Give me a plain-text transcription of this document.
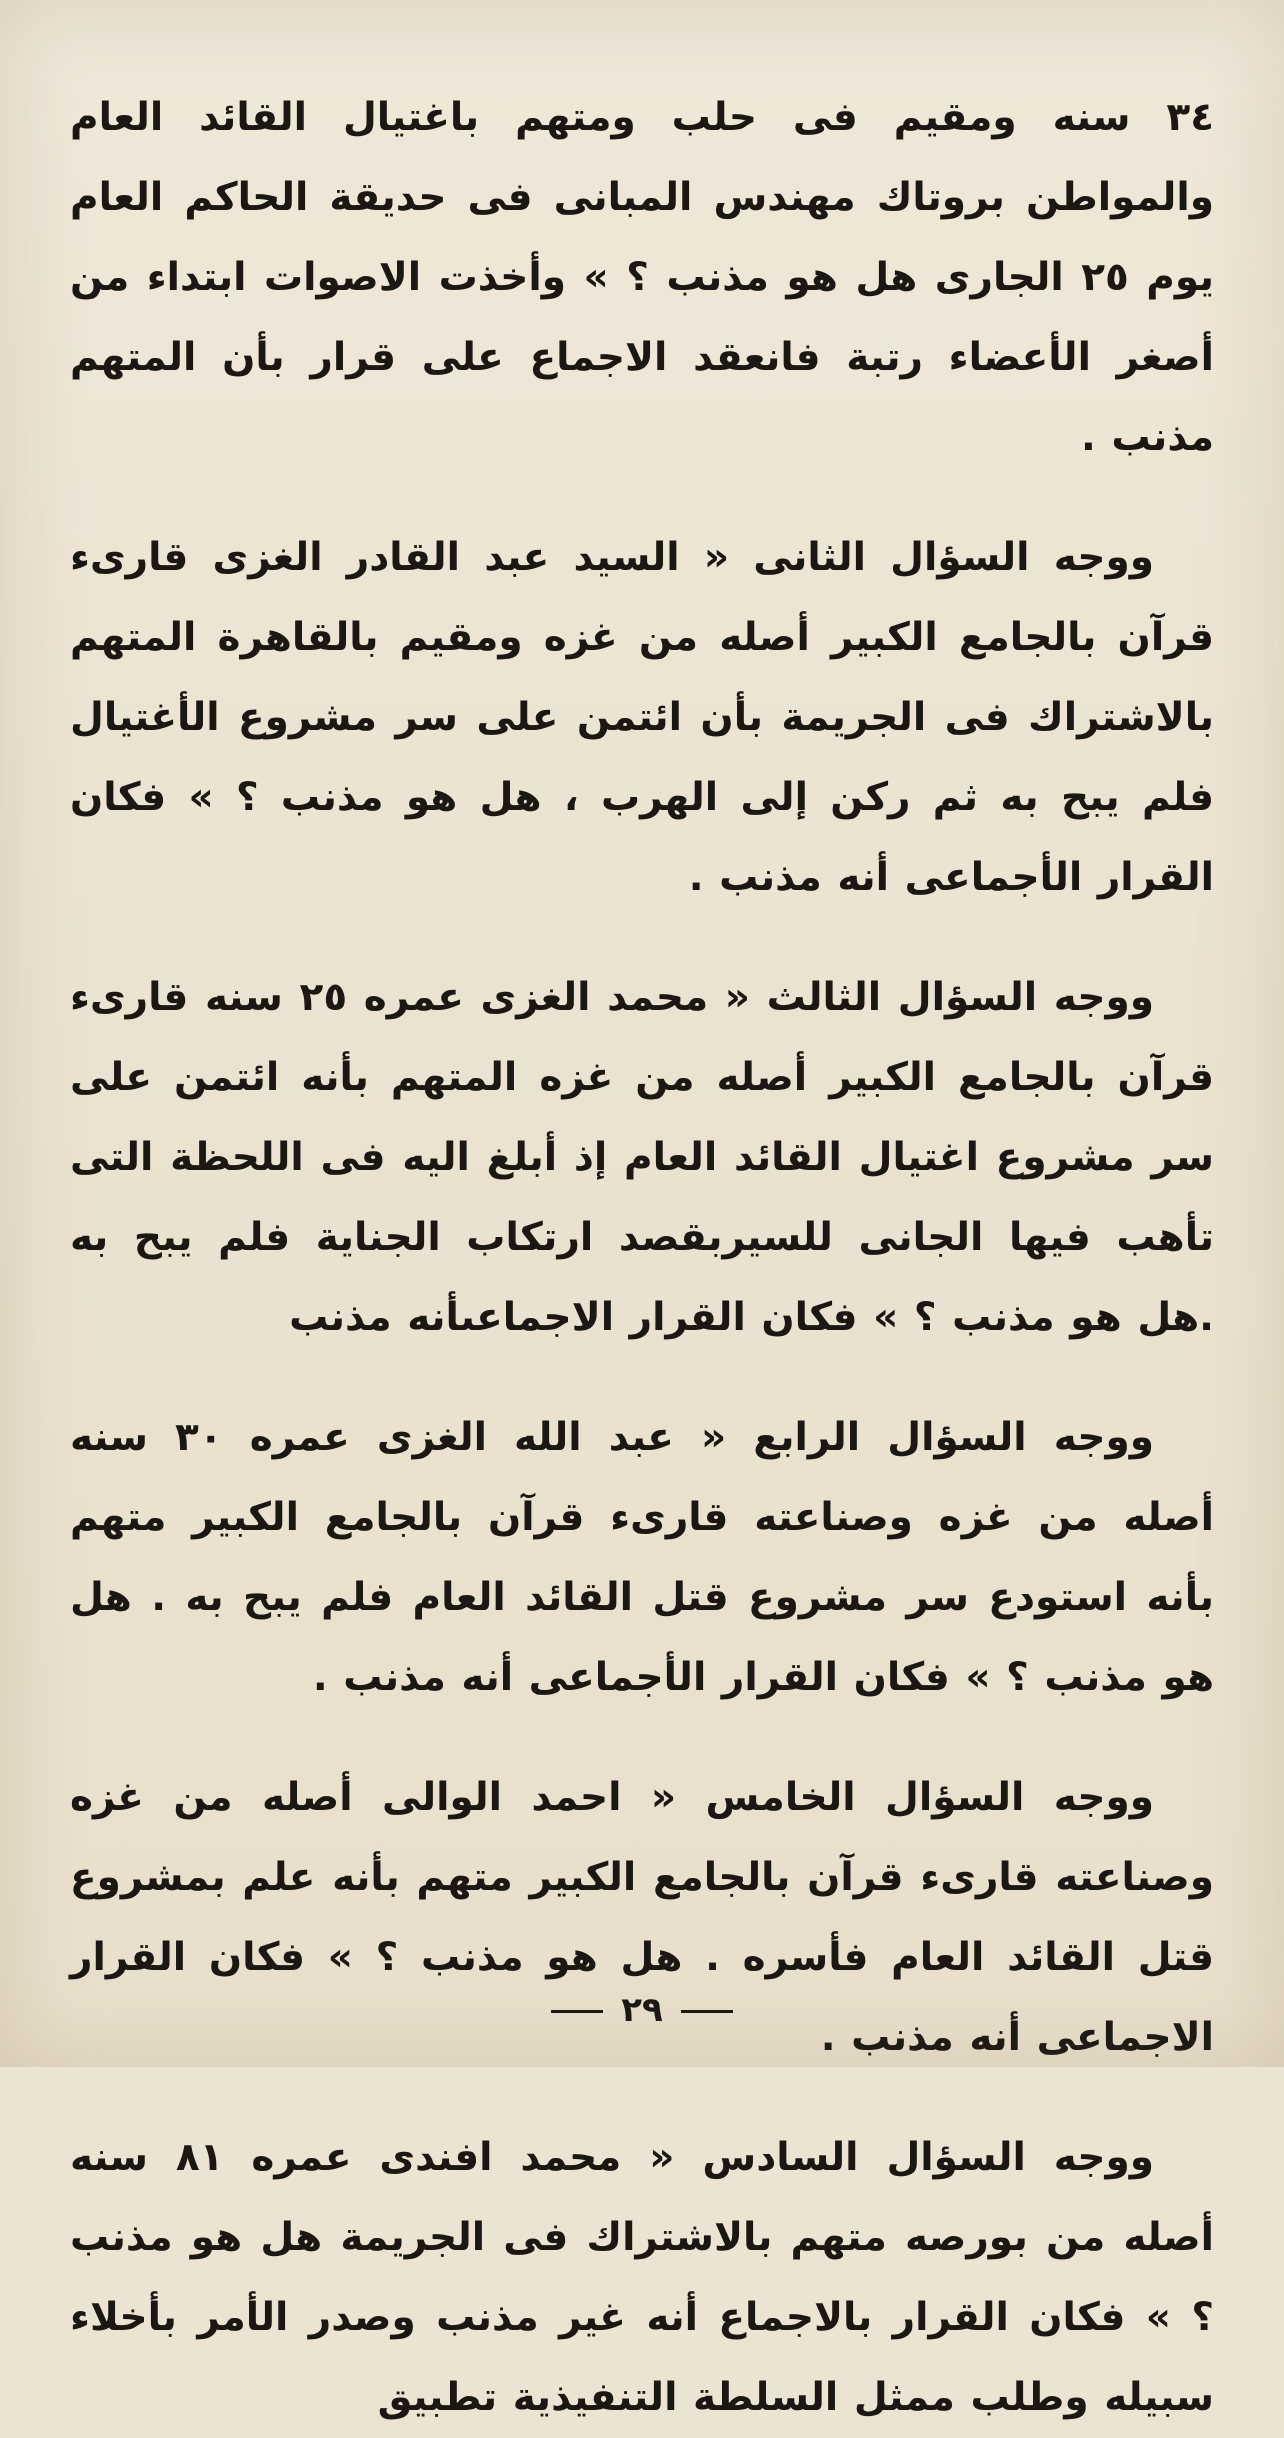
٣٤ سنه ومقيم فى حلب ومتهم باغتيال القائد العام والمواطن بروتاك مهندس المبانى فى حديقة الحاكم العام يوم ٢٥ الجارى هل هو مذنب ؟ » وأخذت الاصوات ابتداء من أصغر الأعضاء رتبة فانعقد الاجماع على قرار بأن المتهم مذنب .

ووجه السؤال الثانى « السيد عبد القادر الغزى قارىء قرآن بالجامع الكبير أصله من غزه ومقيم بالقاهرة المتهم بالاشتراك فى الجريمة بأن ائتمن على سر مشروع الأغتيال فلم يبح به ثم ركن إلى الهرب ، هل هو مذنب ؟ » فكان القرار الأجماعى أنه مذنب .

ووجه السؤال الثالث « محمد الغزى عمره ٢٥ سنه قارىء قرآن بالجامع الكبير أصله من غزه المتهم بأنه ائتمن على سر مشروع اغتيال القائد العام إذ أبلغ اليه فى اللحظة التى تأهب فيها الجانى للسيربقصد ارتكاب الجناية فلم يبح به .هل هو مذنب ؟ » فكان القرار الاجماعىأنه مذنب

ووجه السؤال الرابع « عبد الله الغزى عمره ٣٠ سنه أصله من غزه وصناعته قارىء قرآن بالجامع الكبير متهم بأنه استودع سر مشروع قتل القائد العام فلم يبح به . هل هو مذنب ؟ » فكان القرار الأجماعى أنه مذنب .

ووجه السؤال الخامس « احمد الوالى أصله من غزه وصناعته قارىء قرآن بالجامع الكبير متهم بأنه علم بمشروع قتل القائد العام فأسره . هل هو مذنب ؟ » فكان القرار الاجماعى أنه مذنب .

ووجه السؤال السادس « محمد افندى عمره ٨١ سنه أصله من بورصه متهم بالاشتراك فى الجريمة هل هو مذنب ؟ » فكان القرار بالاجماع أنه غير مذنب وصدر الأمر بأخلاء سبيله وطلب ممثل السلطة التنفيذية تطبيق

٢٩
